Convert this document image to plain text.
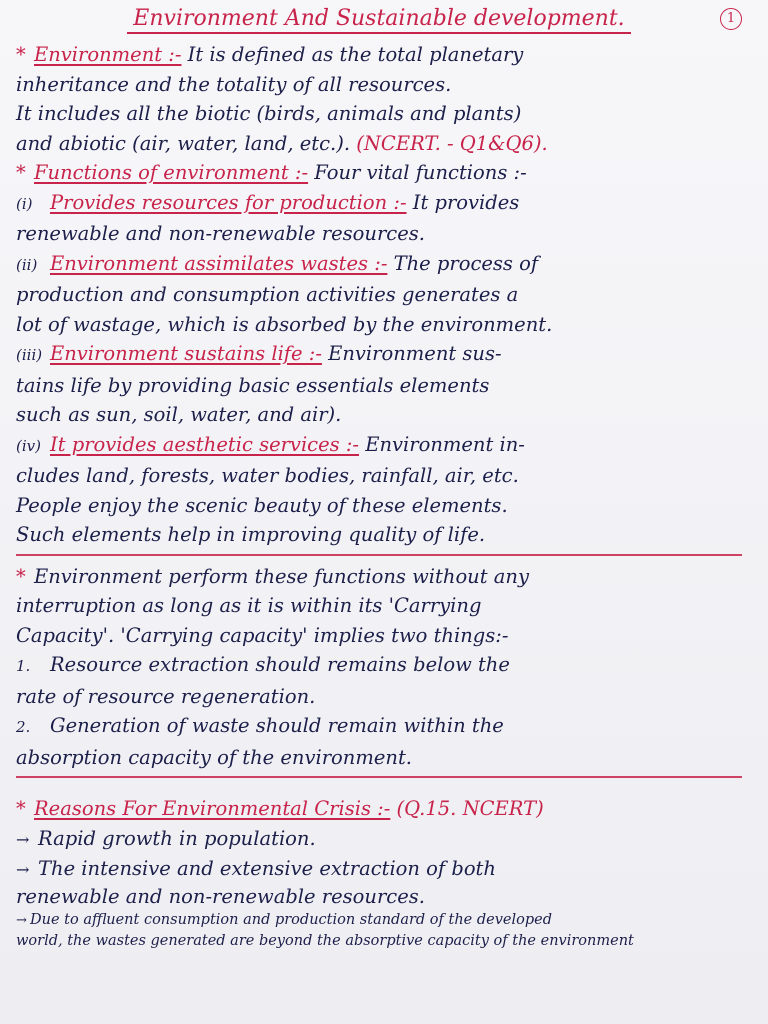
Environment And Sustainable development.	1
* Environment :- It is defined as the total planetary
inheritance and the totality of all resources.
It includes all the biotic (birds, animals and plants)
and abiotic (air, water, land, etc.). (NCERT. - Q1&Q6).
* Functions of environment :- Four vital functions :-
(i) Provides resources for production :- It provides
renewable and non-renewable resources.
(ii) Environment assimilates wastes :- The process of
production and consumption activities generates a
lot of wastage, which is absorbed by the environment.
(iii) Environment sustains life :- Environment sus-
tains life by providing basic essentials elements
such as sun, soil, water, and air).
(iv) It provides aesthetic services :- Environment in-
cludes land, forests, water bodies, rainfall, air, etc.
People enjoy the scenic beauty of these elements.
Such elements help in improving quality of life.
* Environment perform these functions without any
interruption as long as it is within its 'Carrying
Capacity'. 'Carrying capacity' implies two things:-
1. Resource extraction should remains below the
rate of resource regeneration.
2. Generation of waste should remain within the
absorption capacity of the environment.
* Reasons For Environmental Crisis :- (Q.15. NCERT)
→ Rapid growth in population.
→ The intensive and extensive extraction of both
renewable and non-renewable resources.
→ Due to affluent consumption and production standard of the developed
world, the wastes generated are beyond the absorptive capacity of the environment
